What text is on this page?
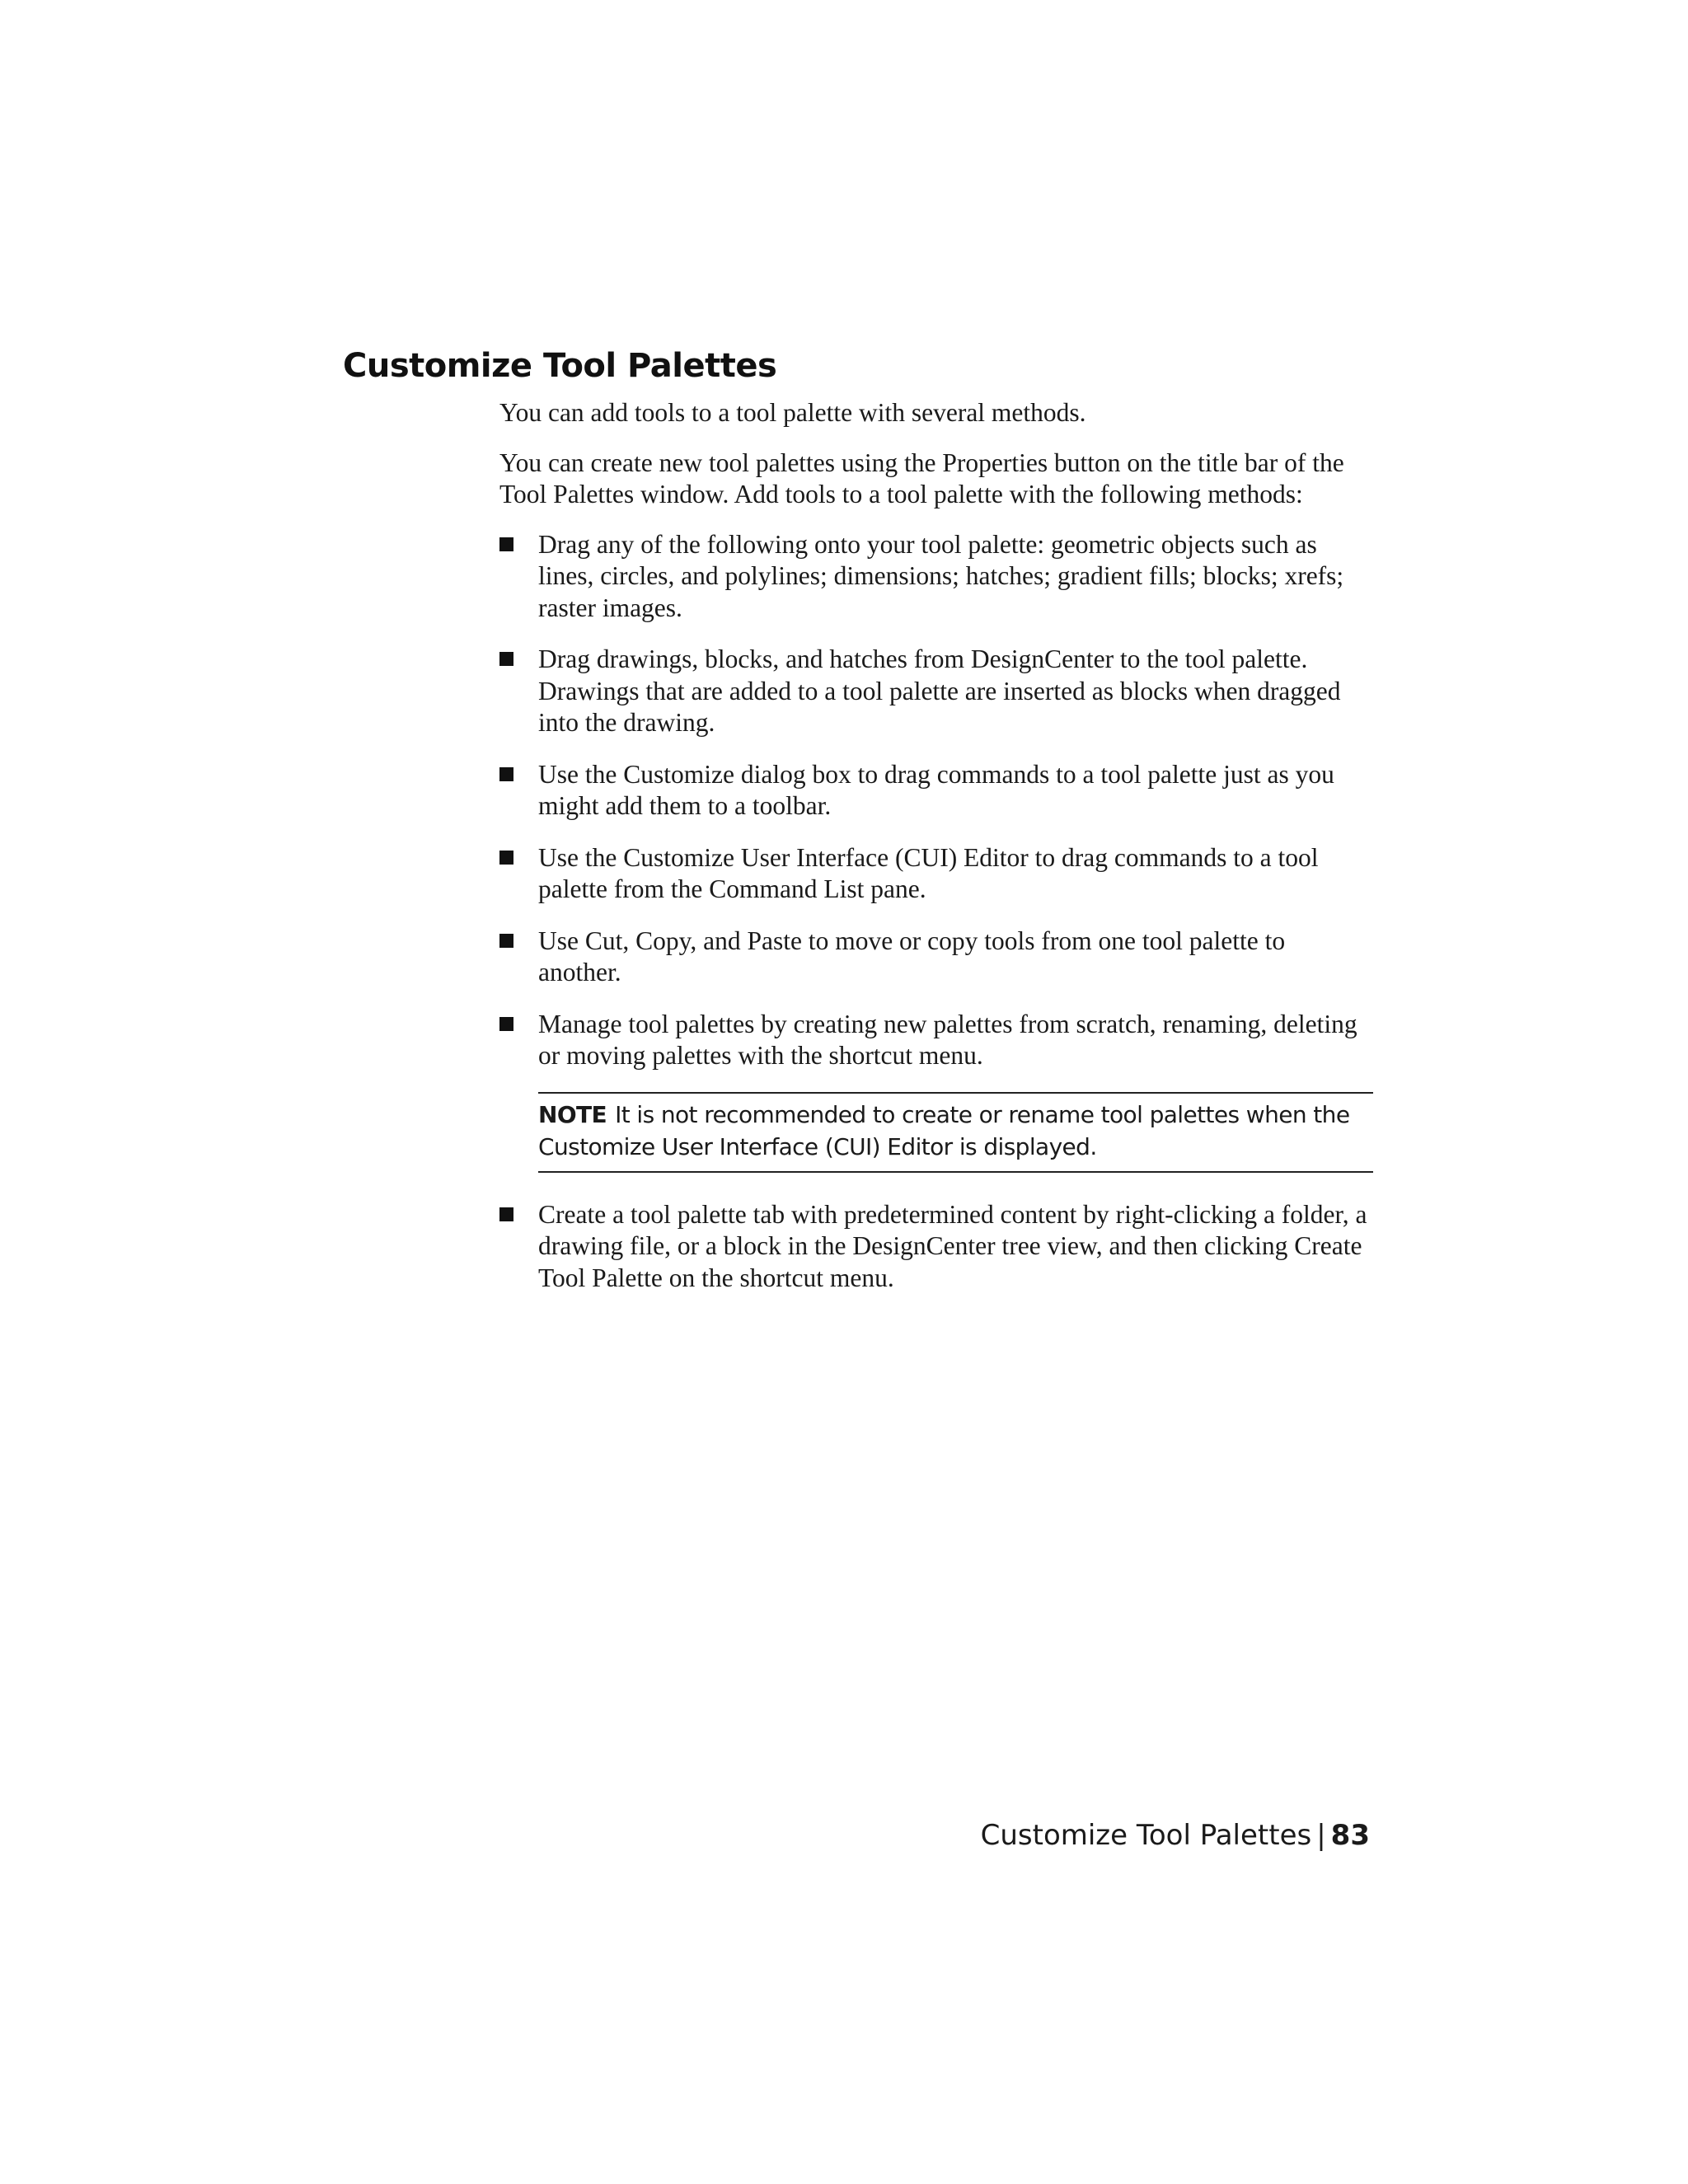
Customize Tool Palettes

You can add tools to a tool palette with several methods.

You can create new tool palettes using the Properties button on the title bar of the Tool Palettes window. Add tools to a tool palette with the following methods:

Drag any of the following onto your tool palette: geometric objects such as lines, circles, and polylines; dimensions; hatches; gradient fills; blocks; xrefs; raster images.
Drag drawings, blocks, and hatches from DesignCenter to the tool palette. Drawings that are added to a tool palette are inserted as blocks when dragged into the drawing.
Use the Customize dialog box to drag commands to a tool palette just as you might add them to a toolbar.
Use the Customize User Interface (CUI) Editor to drag commands to a tool palette from the Command List pane.
Use Cut, Copy, and Paste to move or copy tools from one tool palette to another.
Manage tool palettes by creating new palettes from scratch, renaming, deleting or moving palettes with the shortcut menu.
NOTE It is not recommended to create or rename tool palettes when the Customize User Interface (CUI) Editor is displayed.
Create a tool palette tab with predetermined content by right-clicking a folder, a drawing file, or a block in the DesignCenter tree view, and then clicking Create Tool Palette on the shortcut menu.
Customize Tool Palettes | 83
